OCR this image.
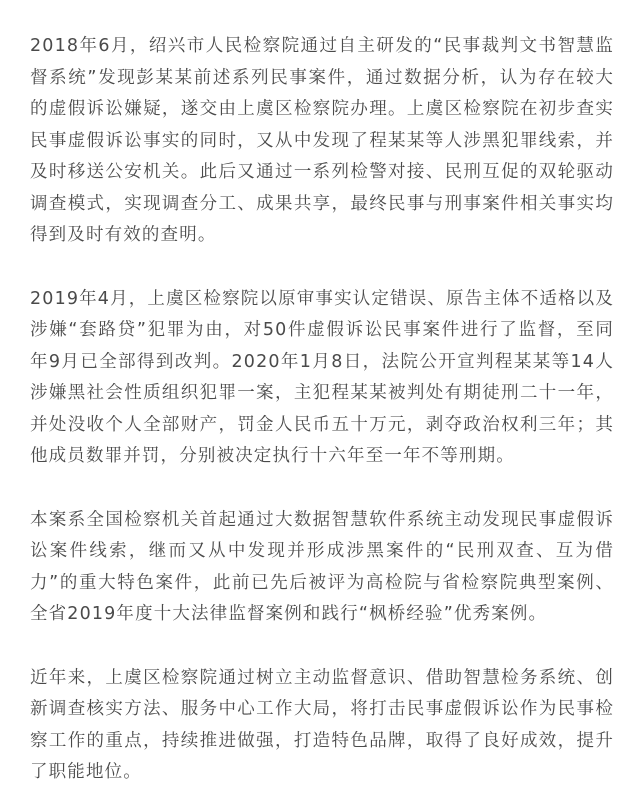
2018年6月，绍兴市人民检察院通过自主研发的“民事裁判文书智慧监督系统”发现彭某某前述系列民事案件，通过数据分析，认为存在较大的虚假诉讼嫌疑，遂交由上虞区检察院办理。上虞区检察院在初步查实民事虚假诉讼事实的同时，又从中发现了程某某等人涉黑犯罪线索，并及时移送公安机关。此后又通过一系列检警对接、民刑互促的双轮驱动调查模式，实现调查分工、成果共享，最终民事与刑事案件相关事实均得到及时有效的查明。

2019年4月，上虞区检察院以原审事实认定错误、原告主体不适格以及涉嫌“套路贷”犯罪为由，对50件虚假诉讼民事案件进行了监督，至同年9月已全部得到改判。2020年1月8日，法院公开宣判程某某等14人涉嫌黑社会性质组织犯罪一案，主犯程某某被判处有期徒刑二十一年，并处没收个人全部财产，罚金人民币五十万元，剥夺政治权利三年；其他成员数罪并罚，分别被决定执行十六年至一年不等刑期。

本案系全国检察机关首起通过大数据智慧软件系统主动发现民事虚假诉讼案件线索，继而又从中发现并形成涉黑案件的“民刑双查、互为借力”的重大特色案件，此前已先后被评为高检院与省检察院典型案例、全省2019年度十大法律监督案例和践行“枫桥经验”优秀案例。

近年来，上虞区检察院通过树立主动监督意识、借助智慧检务系统、创新调查核实方法、服务中心工作大局，将打击民事虚假诉讼作为民事检察工作的重点，持续推进做强，打造特色品牌，取得了良好成效，提升了职能地位。
